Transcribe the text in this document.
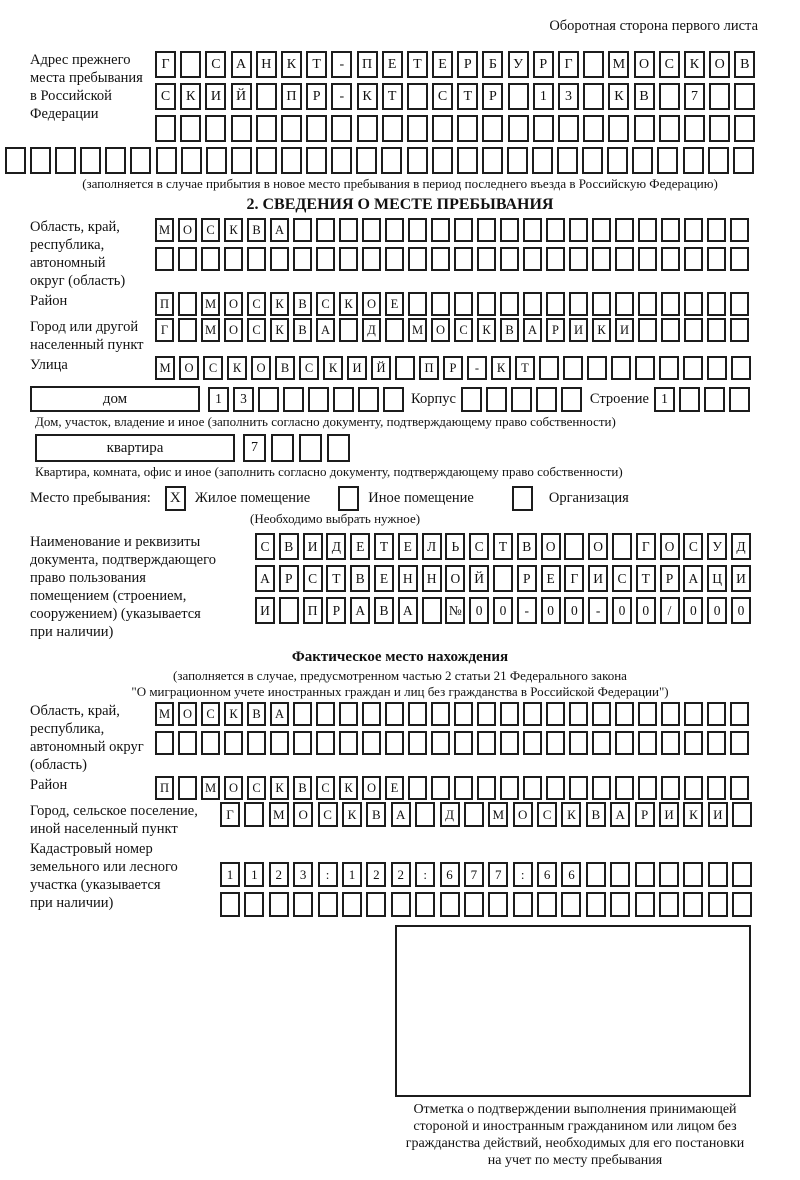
Оборотная сторона первого листа
Адрес прежнего
места пребывания
в Российской
Федерации
Г	С	А	Н	К	Т	-	П	Е	Т	Е	Р	Б	У	Р	Г	М О	С	К	О	В
С	К	И	Й	П	Р	-	К	Т	С	Т	Р	1	3	К	В	7
(заполняется в случае прибытия в новое место пребывания в период последнего въезда в Российскую Федерацию)
2. СВЕДЕНИЯ О МЕСТЕ ПРЕБЫВАНИЯ
Область, край,
республика,
автономный
округ (область)
М	О	С	К	В	А
Район	П	М	О	С	К	В	С	К	О	Е
Город или другой
населенный пункт
Г	М	О	С	К	В	А	Д	М	О	С	К	В	А	Р	И	К	И
Улица	М	О	С	К	О	В	С	К	И	Й	П	Р	-	К	Т
дом	1	3	Корпус	Строение 1
Дом, участок, владение и иное (заполнить согласно документу, подтверждающему право собственности)
квартира	7
Квартира, комната, офис и иное (заполнить согласно документу, подтверждающему право собственности)
Место пребывания:	X Жилое помещение	Иное помещение	Организация
(Необходимо выбрать нужное)
Наименование и реквизиты
документа, подтверждающего
право пользования
помещением (строением,
сооружением) (указывается
при наличии)
С	В	И	Д	Е	Т	Е	Л	Ь	С	Т	В	О	О	Г	О	С	У	Д
А	Р	С	Т	В	Е	Н	Н	О	Й	Р	Е	Г	И	С	Т	Р	А	Ц	И
И	П	Р	А	В	А	№	0	0	-	0	0	-	0	0	/	0	0	0
Фактическое место нахождения
(заполняется в случае, предусмотренном частью 2 статьи 21 Федерального закона
"О миграционном учете иностранных граждан и лиц без гражданства в Российской Федерации")
Область, край,
республика,
автономный округ
(область)
М	О	С	К	В	А
Район	П	М	О	С	К	В	С	К	О	Е
Город, сельское поселение,
иной населенный пункт
Г	М	О	С	К	В	А	Д	М	О	С	К	В	А	Р	И	К	И
Кадастровый номер
земельного или лесного
участка (указывается
при наличии)
1	1	2	3	:	1	2	2	:	6	7	7	:	6	6
Отметка о подтверждении выполнения принимающей
стороной и иностранным гражданином или лицом без
гражданства действий, необходимых для его постановки
на учет по месту пребывания
